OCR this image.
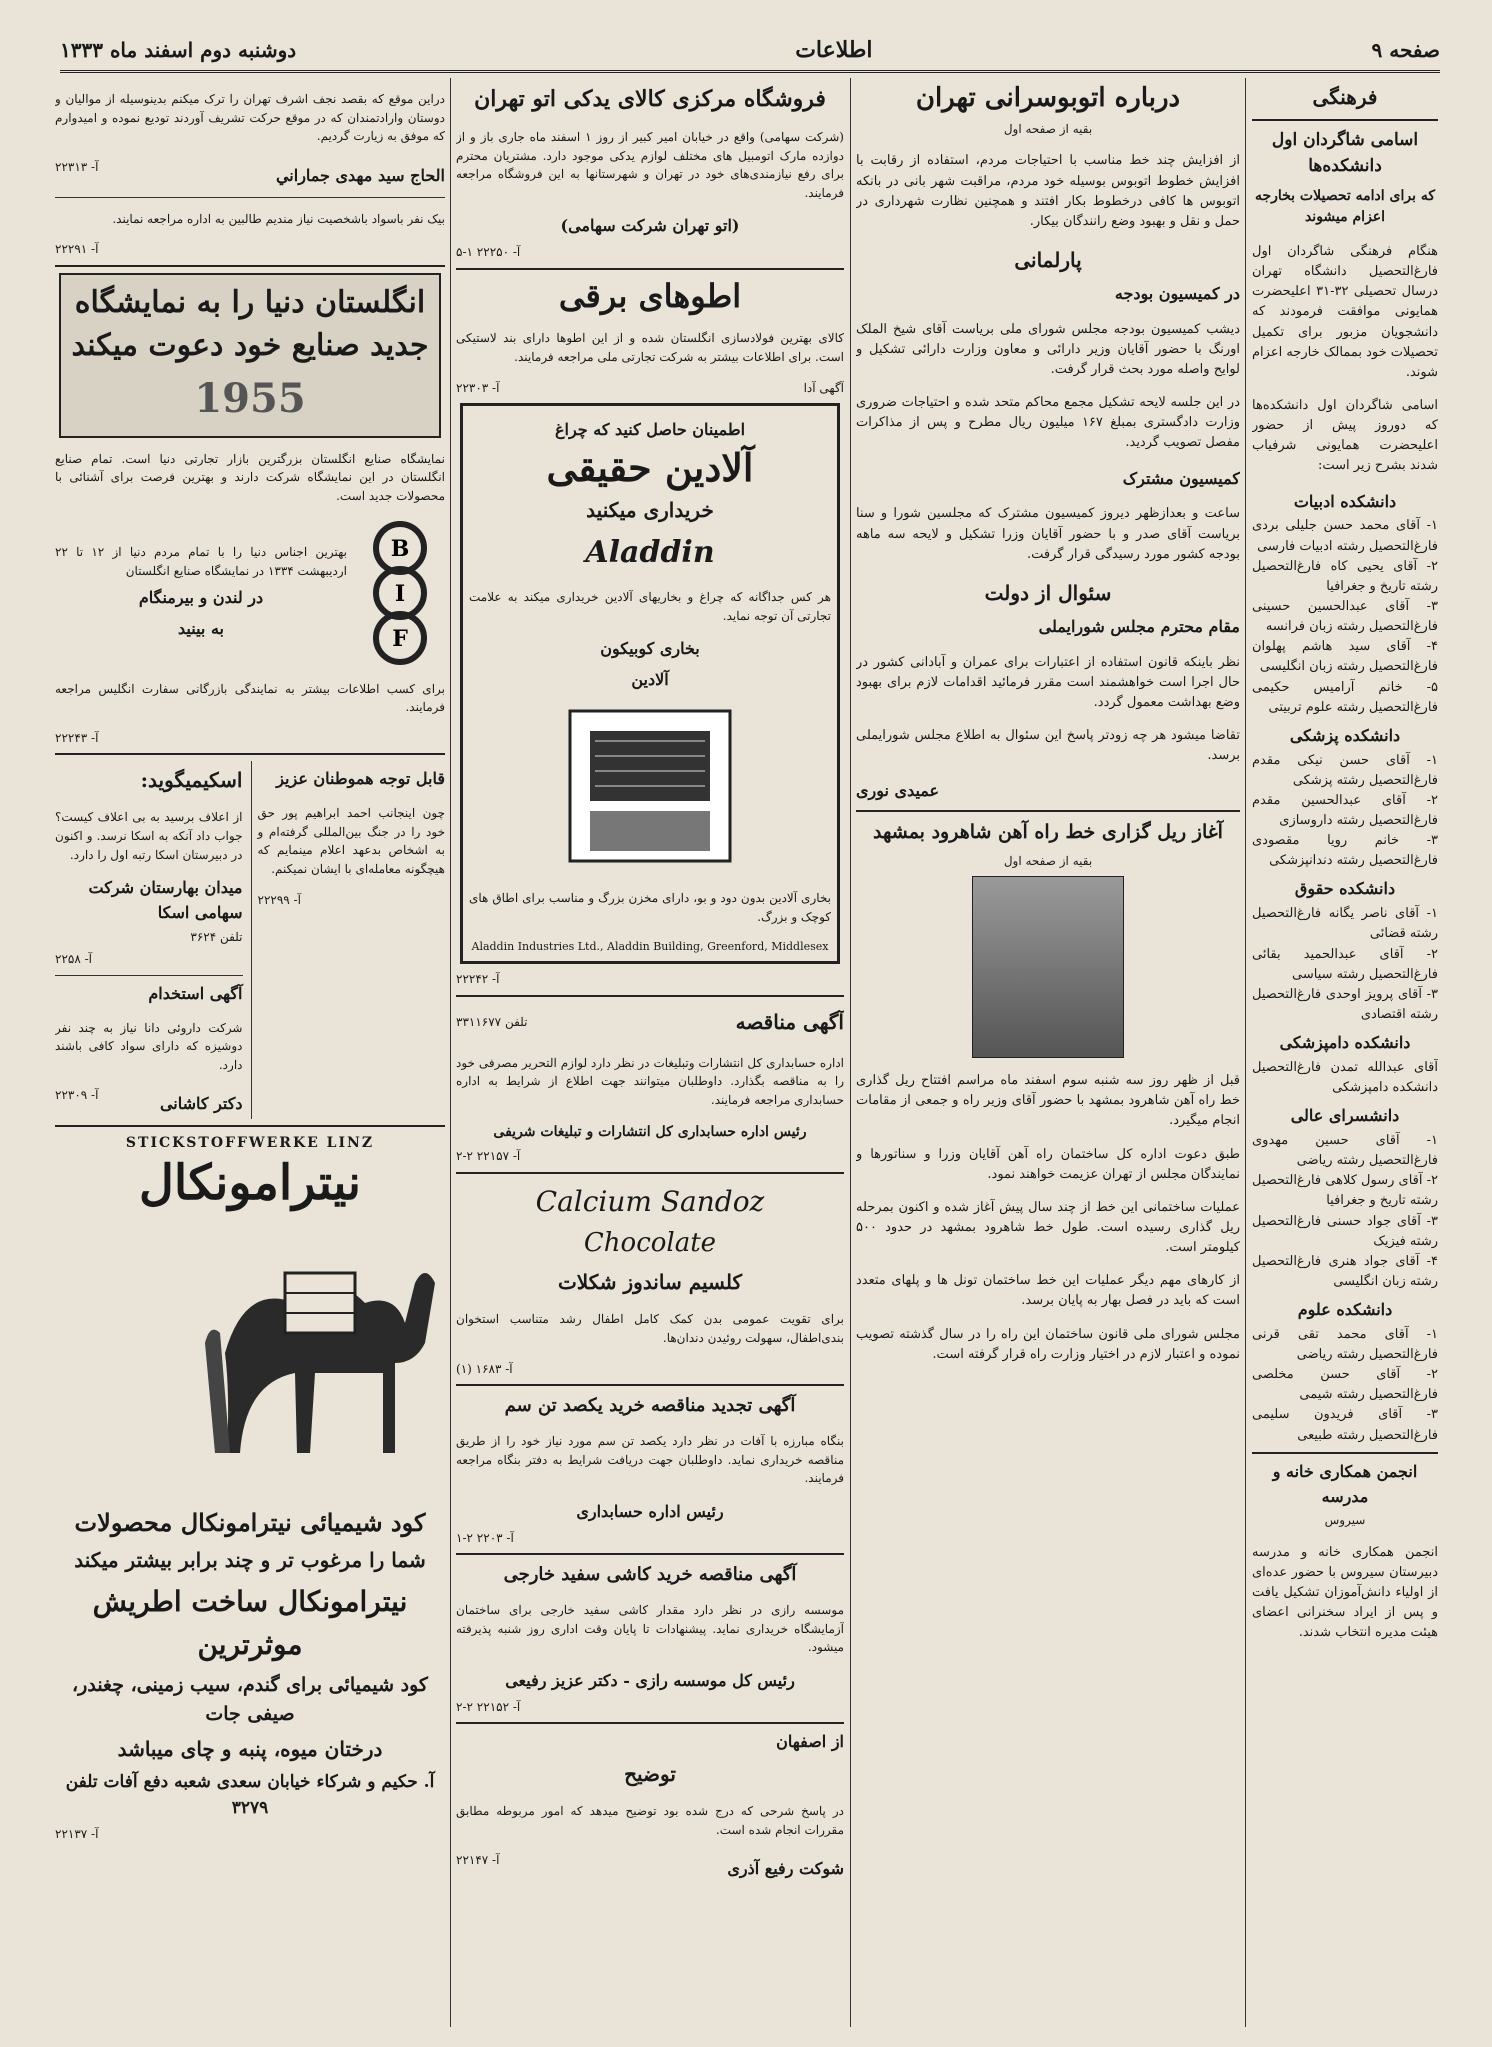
صفحه ۹
اطلاعات
دوشنبه دوم اسفند ماه ۱۳۳۳
فرهنگی
اسامی شاگردان اول دانشکده‌ها
که برای ادامه تحصیلات بخارجه اعزام میشوند

هنگام فرهنگی شاگردان اول فارغ‌التحصیل دانشگاه تهران درسال تحصیلی ۳۲-۳۱ اعلیحضرت همایونی موافقت فرمودند که دانشجویان مزبور برای تکمیل تحصیلات خود بممالک خارجه اعزام شوند.

اسامی شاگردان اول دانشکده‌ها که دوروز پیش از حضور اعلیحضرت همایونی شرفیاب شدند بشرح زیر است:

دانشکده ادبیات
۱- آقای محمد حسن جلیلی بردی فارغ‌التحصیل رشته ادبیات فارسی
۲- آقای یحیی کاه فارغ‌التحصیل رشته تاریخ و جغرافیا
۳- آقای عبدالحسین حسینی فارغ‌التحصیل رشته زبان فرانسه
۴- آقای سید هاشم پهلوان فارغ‌التحصیل رشته زبان انگلیسی
۵- خانم آرامیس حکیمی فارغ‌التحصیل رشته علوم تربیتی
دانشکده پزشکی
۱- آقای حسن نیکی مقدم فارغ‌التحصیل رشته پزشکی
۲- آقای عبدالحسین مقدم فارغ‌التحصیل رشته داروسازی
۳- خانم رویا مقصودی فارغ‌التحصیل رشته دندانپزشکی
دانشکده حقوق
۱- آقای ناصر یگانه فارغ‌التحصیل رشته قضائی
۲- آقای عبدالحمید بقائی فارغ‌التحصیل رشته سیاسی
۳- آقای پرویز اوحدی فارغ‌التحصیل رشته اقتصادی
دانشکده دامپزشکی
آقای عبدالله تمدن فارغ‌التحصیل دانشکده دامپزشکی
دانشسرای عالی
۱- آقای حسین مهدوی فارغ‌التحصیل رشته ریاضی
۲- آقای رسول کلاهی فارغ‌التحصیل رشته تاریخ و جغرافیا
۳- آقای جواد حسنی فارغ‌التحصیل رشته فیزیک
۴- آقای جواد هنری فارغ‌التحصیل رشته زبان انگلیسی
دانشکده علوم
۱- آقای محمد تقی قرنی فارغ‌التحصیل رشته ریاضی
۲- آقای حسن مخلصی فارغ‌التحصیل رشته شیمی
۳- آقای فریدون سلیمی فارغ‌التحصیل رشته طبیعی
انجمن همکاری خانه و مدرسه
سیروس

انجمن همکاری خانه و مدرسه دبیرستان سیروس با حضور عده‌ای از اولیاء دانش‌آموزان تشکیل یافت و پس از ایراد سخنرانی اعضای هیئت مدیره انتخاب شدند.

درباره اتوبوسرانی تهران
بقیه از صفحه اول

از افزایش چند خط مناسب با احتیاجات مردم، استفاده از رقابت با افزایش خطوط اتوبوس بوسیله خود مردم، مراقبت شهر بانی در بانکه اتوبوس ها کافی درخطوط بکار افتند و همچنین نظارت شهرداری در حمل و نقل و بهبود وضع رانندگان بیکار.

پارلمانی
در کمیسیون بودجه

دیشب کمیسیون بودجه مجلس شورای ملی بریاست آقای شیخ الملک اورنگ با حضور آقایان وزیر دارائی و معاون وزارت دارائی تشکیل و لوایح واصله مورد بحث قرار گرفت.

در این جلسه لایحه تشکیل مجمع محاکم متحد شده و احتیاجات ضروری وزارت دادگستری بمبلغ ۱۶۷ میلیون ریال مطرح و پس از مذاکرات مفصل تصویب گردید.

کمیسیون مشترک

ساعت و بعدازظهر دیروز کمیسیون مشترک که مجلسین شورا و سنا بریاست آقای صدر و با حضور آقایان وزرا تشکیل و لایحه سه ماهه بودجه کشور مورد رسیدگی قرار گرفت.

سئوال از دولت
مقام محترم مجلس شورایملی

نظر باینکه قانون استفاده از اعتبارات برای عمران و آبادانی کشور در حال اجرا است خواهشمند است مقرر فرمائید اقدامات لازم برای بهبود وضع بهداشت معمول گردد.

تقاضا میشود هر چه زودتر پاسخ این سئوال به اطلاع مجلس شورایملی برسد.

عمیدی نوری
آغاز ریل گزاری خط راه آهن شاهرود بمشهد
بقیه از صفحه اول

قبل از ظهر روز سه شنبه سوم اسفند ماه مراسم افتتاح ریل گذاری خط راه آهن شاهرود بمشهد با حضور آقای وزیر راه و جمعی از مقامات انجام میگیرد.

طبق دعوت اداره کل ساختمان راه آهن آقایان وزرا و سناتورها و نمایندگان مجلس از تهران عزیمت خواهند نمود.

عملیات ساختمانی این خط از چند سال پیش آغاز شده و اکنون بمرحله ریل گذاری رسیده است. طول خط شاهرود بمشهد در حدود ۵۰۰ کیلومتر است.

از کارهای مهم دیگر عملیات این خط ساختمان تونل ها و پلهای متعدد است که باید در فصل بهار به پایان برسد.

مجلس شورای ملی قانون ساختمان این راه را در سال گذشته تصویب نموده و اعتبار لازم در اختیار وزارت راه قرار گرفته است.

فروشگاه مرکزی کالای یدکی اتو تهران

(شرکت سهامی) واقع در خیابان امیر کبیر از روز ۱ اسفند ماه جاری باز و از دوازده مارک اتومبیل های مختلف لوازم یدکی موجود دارد. مشتریان محترم برای رفع نیازمندی‌های خود در تهران و شهرستانها به این فروشگاه مراجعه فرمایند.

(اتو تهران شرکت سهامی)
آ- ۲۲۲۵۰ ۱-۵
اطوهای برقی

کالای بهترین فولادسازی انگلستان شده و از این اطوها دارای بند لاستیکی است. برای اطلاعات بیشتر به شرکت تجارتی ملی مراجعه فرمایند.

آگهی آدا
آ- ۲۲۳۰۳
اطمینان حاصل کنید که چراغ
آلادین حقیقی
خریداری میکنید
Aladdin

هر کس جداگانه که چراغ و بخاریهای آلادین خریداری میکند به علامت تجارتی آن توجه نماید.

بخاری کوبیکون
آلادین

بخاری آلادین بدون دود و بو، دارای مخزن بزرگ و مناسب برای اطاق های کوچک و بزرگ.

Aladdin Industries Ltd., Aladdin Building, Greenford, Middlesex
آ- ۲۲۲۴۲
آگهی مناقصه
تلفن ۳۳۱۱۶۷۷

اداره حسابداری کل انتشارات وتبلیغات در نظر دارد لوازم التحریر مصرفی خود را به مناقصه بگذارد. داوطلبان میتوانند جهت اطلاع از شرایط به اداره حسابداری مراجعه فرمایند.

رئیس اداره حسابداری کل انتشارات و تبلیغات شریفی
آ- ۲۲۱۵۷ ۲-۲
Calcium Sandoz
Chocolate
کلسیم ساندوز شکلات

برای تقویت عمومی بدن کمک کامل اطفال رشد متناسب استخوان بندی‌اطفال، سهولت روئیدن دندان‌ها.

آ- ۱۶۸۳ (۱)
آگهی تجدید مناقصه خرید یکصد تن سم

بنگاه مبارزه با آفات در نظر دارد یکصد تن سم مورد نیاز خود را از طریق مناقصه خریداری نماید. داوطلبان جهت دریافت شرایط به دفتر بنگاه مراجعه فرمایند.

رئیس اداره حسابداری
آ- ۲۲۰۳ ۲-۱
آگهی مناقصه خرید کاشی سفید خارجی

موسسه رازی در نظر دارد مقدار کاشی سفید خارجی برای ساختمان آزمایشگاه خریداری نماید. پیشنهادات تا پایان وقت اداری روز شنبه پذیرفته میشود.

رئیس کل موسسه رازی - دکتر عزیز رفیعی
آ- ۲۲۱۵۲ ۲-۲
از اصفهان
توضیح

در پاسخ شرحی که درج شده بود توضیح میدهد که امور مربوطه مطابق مقررات انجام شده است.

شوکت رفیع آذری
آ- ۲۲۱۴۷

دراین موقع که بقصد نجف اشرف تهران را ترک میکنم بدینوسیله از موالیان و دوستان وارادتمندان که در موقع حرکت تشریف آوردند تودیع نموده و امیدوارم که موفق به زیارت گردیم.

الحاج سید مهدی جماراني
آ- ۲۲۳۱۳

بیک نفر باسواد باشخصیت نیاز مندیم طالبین به اداره مراجعه نمایند.

آ- ۲۲۲۹۱
انگلستان دنیا را به نمایشگاه جدید صنایع خود دعوت میکند
1955

نمایشگاه صنایع انگلستان بزرگترین بازار تجارتی دنیا است. تمام صنایع انگلستان در این نمایشگاه شرکت دارند و بهترین فرصت برای آشنائی با محصولات جدید است.

B
I
F

بهترین اجناس دنیا را با تمام مردم دنیا از ۱۲ تا ۲۲ اردیبهشت ۱۳۳۴ در نمایشگاه صنایع انگلستان

در لندن و بیرمنگام
به بینید

برای کسب اطلاعات بیشتر به نمایندگی بازرگانی سفارت انگلیس مراجعه فرمایند.

آ- ۲۲۲۴۳
قابل توجه هموطنان عزیز

چون اینجانب احمد ابراهیم پور حق خود را در جنگ بین‌المللی گرفته‌ام و به اشخاص بدعهد اعلام مینمایم که هیچگونه معامله‌ای با ایشان نمیکنم.

آ- ۲۲۲۹۹
اسکیمیگوید:

از اعلاف برسید به بی اعلاف کیست؟ جواب داد آنکه به اسکا نرسد. و اکنون در دبیرستان اسکا رتبه اول را دارد.

میدان بهارستان شرکت سهامی اسکا
تلفن ۳۶۲۴
آ- ۲۲۵۸
آگهی استخدام

شرکت داروئی دانا نیاز به چند نفر دوشیزه که دارای سواد کافی باشند دارد.

دکتر کاشانی
آ- ۲۲۳۰۹
STICKSTOFFWERKE LINZ
نیترامونکال
کود شیمیائی نیترامونکال محصولات
شما را مرغوب تر و چند برابر بیشتر میکند
نیترامونکال ساخت اطریش موثرترین
کود شیمیائی برای گندم، سیب زمینی، چغندر، صیفی جات
درختان میوه، پنبه و چای میباشد
آ. حکیم و شرکاء خیابان سعدی شعبه دفع آفات تلفن ۳۲۷۹
آ- ۲۲۱۳۷
